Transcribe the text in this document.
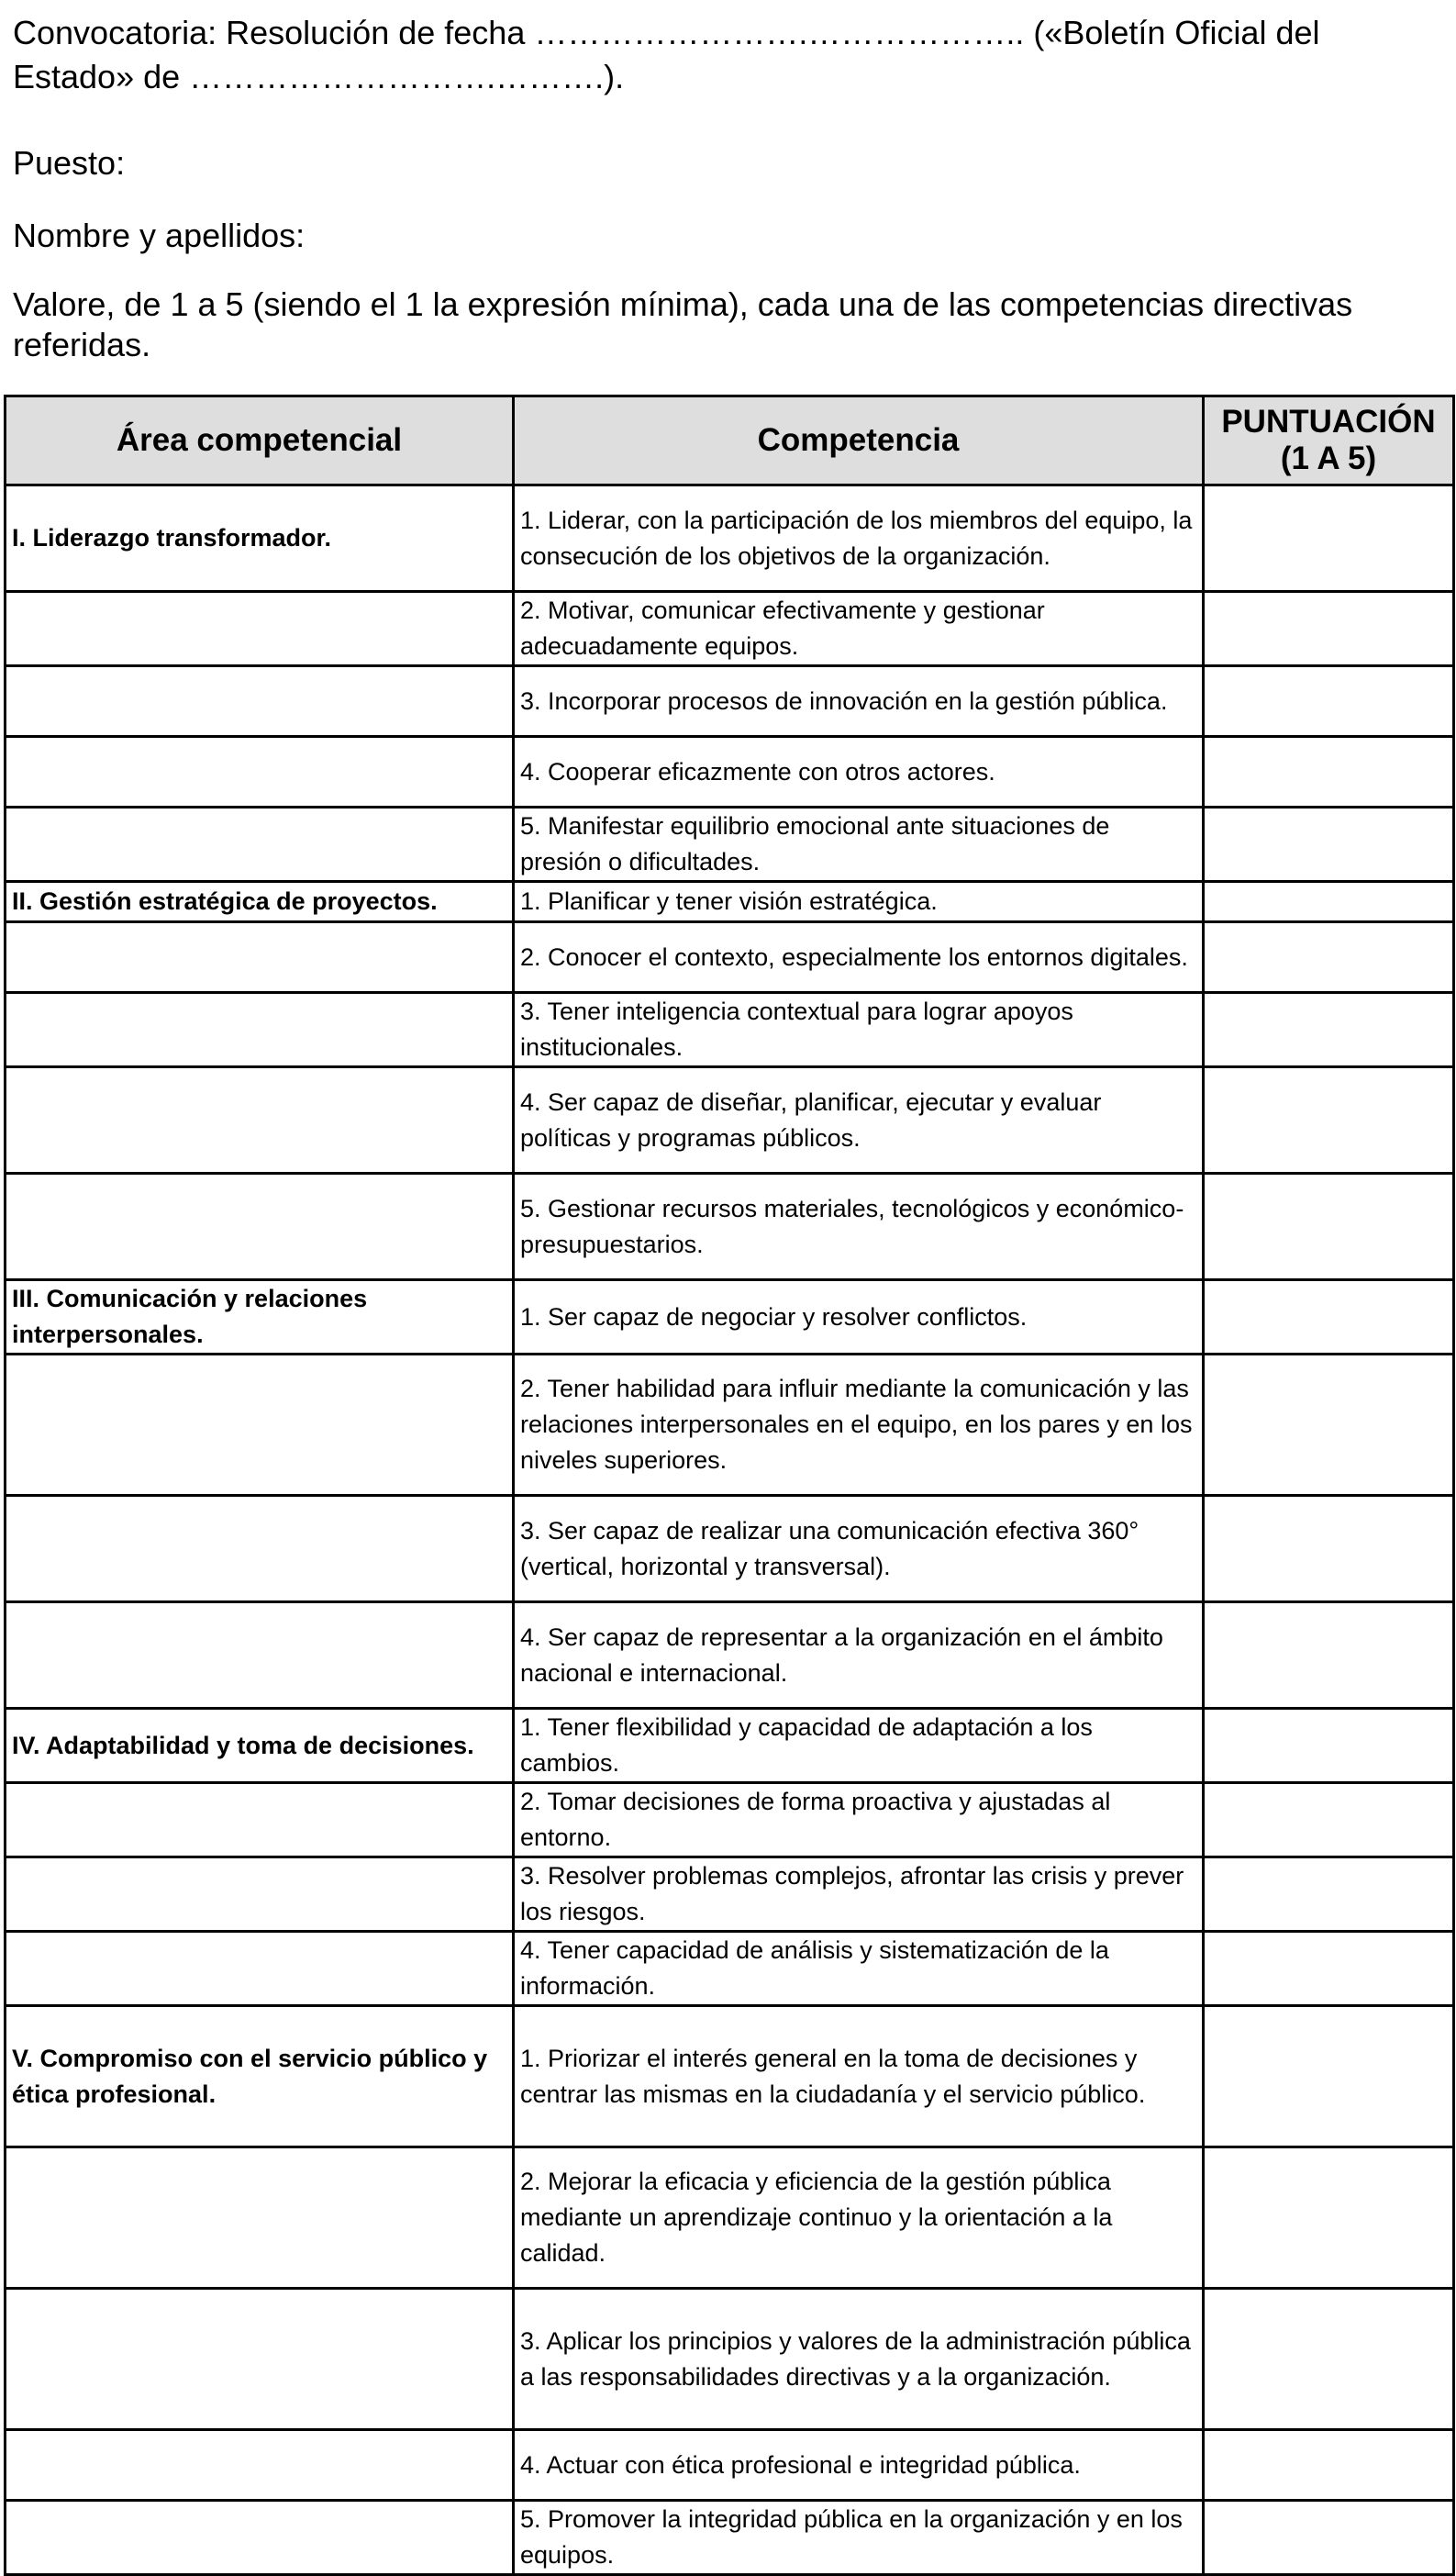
Convocatoria: Resolución de fecha …………………….……………….. («Boletín Oficial del Estado» de ……………………….……….).

Puesto:

Nombre y apellidos:

Valore, de 1 a 5 (siendo el 1 la expresión mínima), cada una de las competencias directivas referidas.

Área competencial	Competencia	PUNTUACIÓN (1 A 5)
I. Liderazgo transformador.	1. Liderar, con la participación de los miembros del equipo, la consecución de los objetivos de la organización.	
	2. Motivar, comunicar efectivamente y gestionar adecuadamente equipos.	
	3. Incorporar procesos de innovación en la gestión pública.	
	4. Cooperar eficazmente con otros actores.	
	5. Manifestar equilibrio emocional ante situaciones de presión o dificultades.	
II. Gestión estratégica de proyectos.	1. Planificar y tener visión estratégica.	
	2. Conocer el contexto, especialmente los entornos digitales.	
	3. Tener inteligencia contextual para lograr apoyos institucionales.	
	4. Ser capaz de diseñar, planificar, ejecutar y evaluar políticas y programas públicos.	
	5. Gestionar recursos materiales, tecnológicos y económico-presupuestarios.	
III. Comunicación y relaciones interpersonales.	1. Ser capaz de negociar y resolver conflictos.	
	2. Tener habilidad para influir mediante la comunicación y las relaciones interpersonales en el equipo, en los pares y en los niveles superiores.	
	3. Ser capaz de realizar una comunicación efectiva 360° (vertical, horizontal y transversal).	
	4. Ser capaz de representar a la organización en el ámbito nacional e internacional.	
IV. Adaptabilidad y toma de decisiones.	1. Tener flexibilidad y capacidad de adaptación a los cambios.	
	2. Tomar decisiones de forma proactiva y ajustadas al entorno.	
	3. Resolver problemas complejos, afrontar las crisis y prever los riesgos.	
	4. Tener capacidad de análisis y sistematización de la información.	
V. Compromiso con el servicio público y ética profesional.	1. Priorizar el interés general en la toma de decisiones y centrar las mismas en la ciudadanía y el servicio público.	
	2. Mejorar la eficacia y eficiencia de la gestión pública mediante un aprendizaje continuo y la orientación a la calidad.	
	3. Aplicar los principios y valores de la administración pública a las responsabilidades directivas y a la organización.	
	4. Actuar con ética profesional e integridad pública.	
	5. Promover la integridad pública en la organización y en los equipos.	
